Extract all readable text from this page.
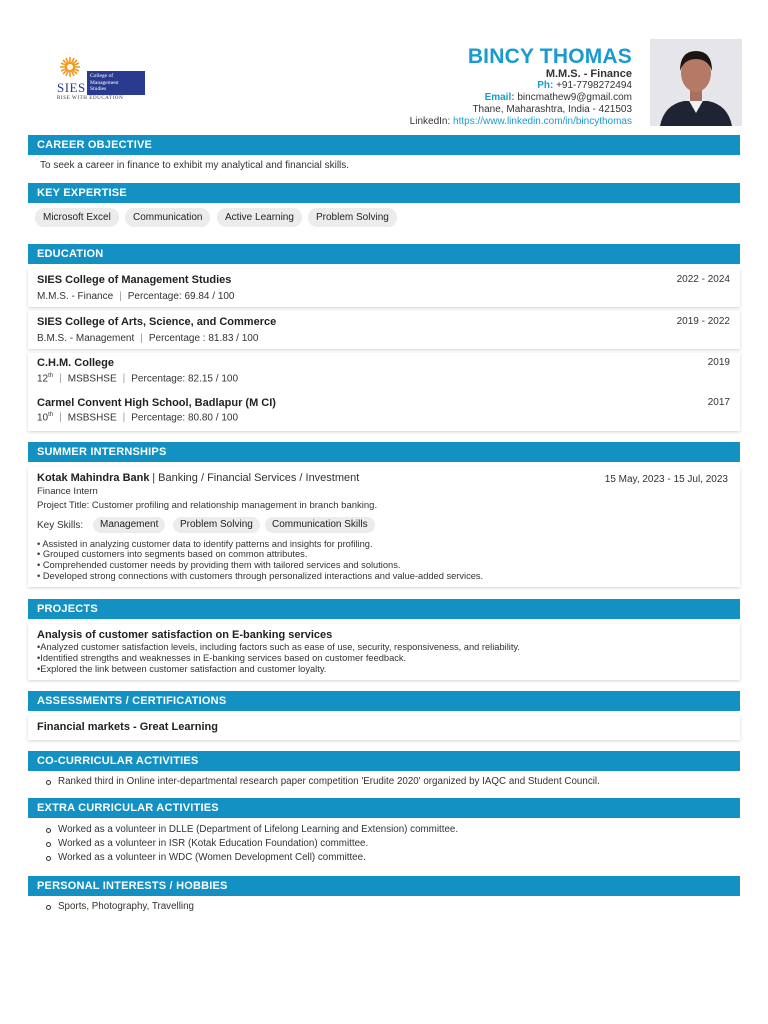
SIES
College of
Management
Studies
RISE WITH EDUCATION
BINCY THOMAS
M.M.S. - Finance
Ph: +91-7798272494
Email: bincmathew9@gmail.com
Thane, Maharashtra, India - 421503
LinkedIn: https://www.linkedin.com/in/bincythomas
CAREER OBJECTIVE
To seek a career in finance to exhibit my analytical and financial skills.
KEY EXPERTISE
Microsoft Excel	Communication	Active Learning	Problem Solving
EDUCATION
SIES College of Management Studies
M.M.S. - Finance | Percentage: 69.84 / 100
2022 - 2024
SIES College of Arts, Science, and Commerce
B.M.S. - Management | Percentage : 81.83 / 100
2019 - 2022
C.H.M. College
12th | MSBSHSE | Percentage: 82.15 / 100
2019
Carmel Convent High School, Badlapur (M CI)
10th | MSBSHSE | Percentage: 80.80 / 100
2017
SUMMER INTERNSHIPS
Kotak Mahindra Bank | Banking / Financial Services / Investment	15 May, 2023 - 15 Jul, 2023
Finance Intern
Project Title: Customer profiling and relationship management in branch banking.
Key Skills:	Management	Problem Solving	Communication Skills
• Assisted in analyzing customer data to identify patterns and insights for profiling.
• Grouped customers into segments based on common attributes.
• Comprehended customer needs by providing them with tailored services and solutions.
• Developed strong connections with customers through personalized interactions and value-added services.
PROJECTS
Analysis of customer satisfaction on E-banking services
•Analyzed customer satisfaction levels, including factors such as ease of use, security, responsiveness, and reliability.
•Identified strengths and weaknesses in E-banking services based on customer feedback.
•Explored the link between customer satisfaction and customer loyalty.
ASSESSMENTS / CERTIFICATIONS
Financial markets - Great Learning
CO-CURRICULAR ACTIVITIES
Ranked third in Online inter-departmental research paper competition 'Erudite 2020' organized by IAQC and Student Council.
EXTRA CURRICULAR ACTIVITIES
Worked as a volunteer in DLLE (Department of Lifelong Learning and Extension) committee.
Worked as a volunteer in ISR (Kotak Education Foundation) committee.
Worked as a volunteer in WDC (Women Development Cell) committee.
PERSONAL INTERESTS / HOBBIES
Sports, Photography, Travelling
